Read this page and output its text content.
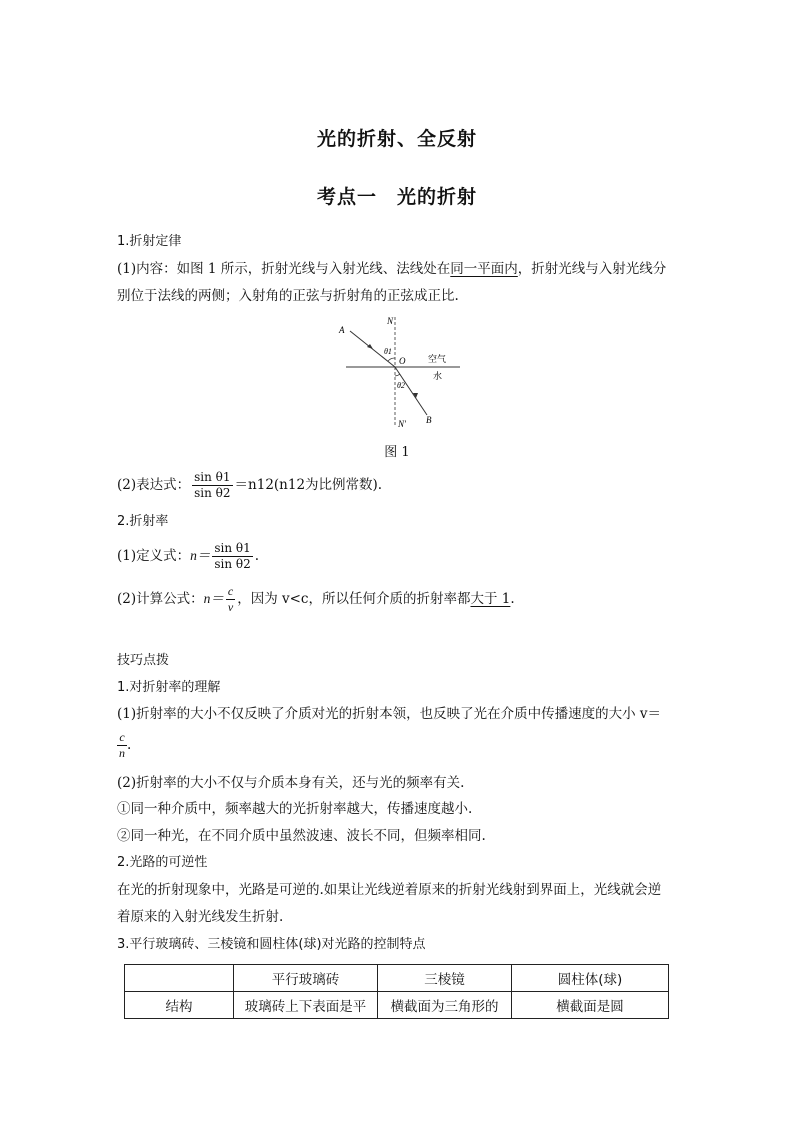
光的折射、全反射
考点一　光的折射
1.折射定律
(1)内容：如图 1 所示，折射光线与入射光线、法线处在同一平面内，折射光线与入射光线分
别位于法线的两侧；入射角的正弦与折射角的正弦成正比.
A
N
θ1
O	空气
水
θ2
B
N′
图 1
(2)表达式： $\frac{\text{sin θ1}}{\text{sin θ2}} =n12(n12$为比例常数).
2.折射率
(1)定义式：$n= \frac{\text{sin θ1}}{\text{sin θ2}}$ .
(2)计算公式：$n= \frac{c}{v}$ ，因为 v<c，所以任何介质的折射率都大于 1.
技巧点拨
1.对折射率的理解
(1)折射率的大小不仅反映了介质对光的折射本领，也反映了光在介质中传播速度的大小 v＝
$\frac{c}{n}$ .
(2)折射率的大小不仅与介质本身有关，还与光的频率有关.
①同一种介质中，频率越大的光折射率越大，传播速度越小.
②同一种光，在不同介质中虽然波速、波长不同，但频率相同.
2.光路的可逆性
在光的折射现象中，光路是可逆的.如果让光线逆着原来的折射光线射到界面上，光线就会逆
着原来的入射光线发生折射.
3.平行玻璃砖、三棱镜和圆柱体(球)对光路的控制特点
	平行玻璃砖	三棱镜	圆柱体(球)
结构	玻璃砖上下表面是平	横截面为三角形的	横截面是圆
